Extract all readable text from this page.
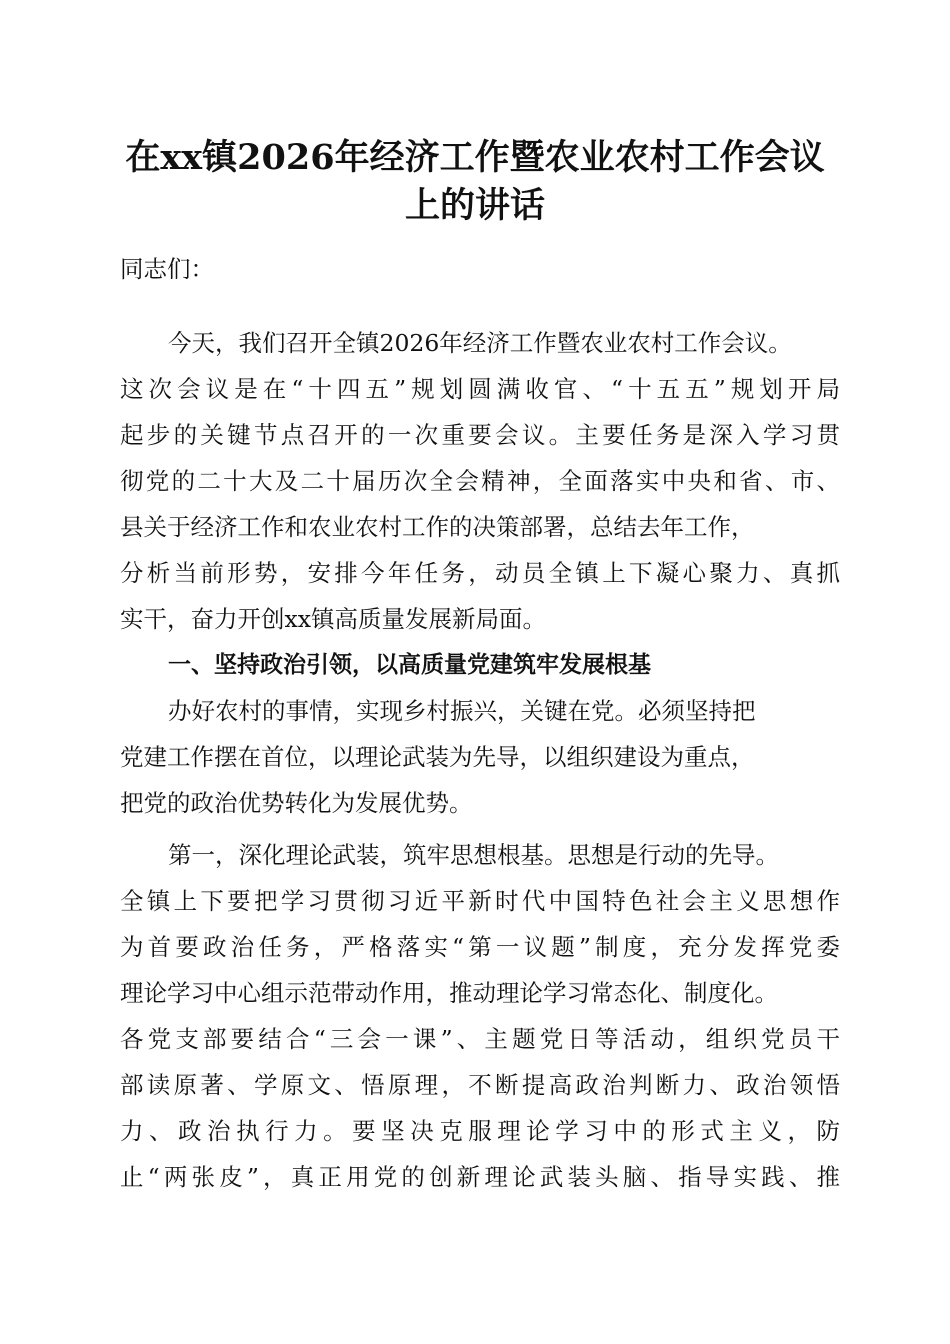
在xx镇2026年经济工作暨农业农村工作会议
上的讲话

同志们：

今天，我们召开全镇2026年经济工作暨农业农村工作会议。

这次会议是在“十四五”规划圆满收官、“十五五”规划开局

起步的关键节点召开的一次重要会议。主要任务是深入学习贯

彻党的二十大及二十届历次全会精神，全面落实中央和省、市、

县关于经济工作和农业农村工作的决策部署，总结去年工作，

分析当前形势，安排今年任务，动员全镇上下凝心聚力、真抓

实干，奋力开创xx镇高质量发展新局面。

一、坚持政治引领，以高质量党建筑牢发展根基

办好农村的事情，实现乡村振兴，关键在党。必须坚持把

党建工作摆在首位，以理论武装为先导，以组织建设为重点，

把党的政治优势转化为发展优势。

第一，深化理论武装，筑牢思想根基。思想是行动的先导。

全镇上下要把学习贯彻习近平新时代中国特色社会主义思想作

为首要政治任务，严格落实“第一议题”制度，充分发挥党委

理论学习中心组示范带动作用，推动理论学习常态化、制度化。

各党支部要结合“三会一课”、主题党日等活动，组织党员干

部读原著、学原文、悟原理，不断提高政治判断力、政治领悟

力、政治执行力。要坚决克服理论学习中的形式主义，防

止“两张皮”，真正用党的创新理论武装头脑、指导实践、推
